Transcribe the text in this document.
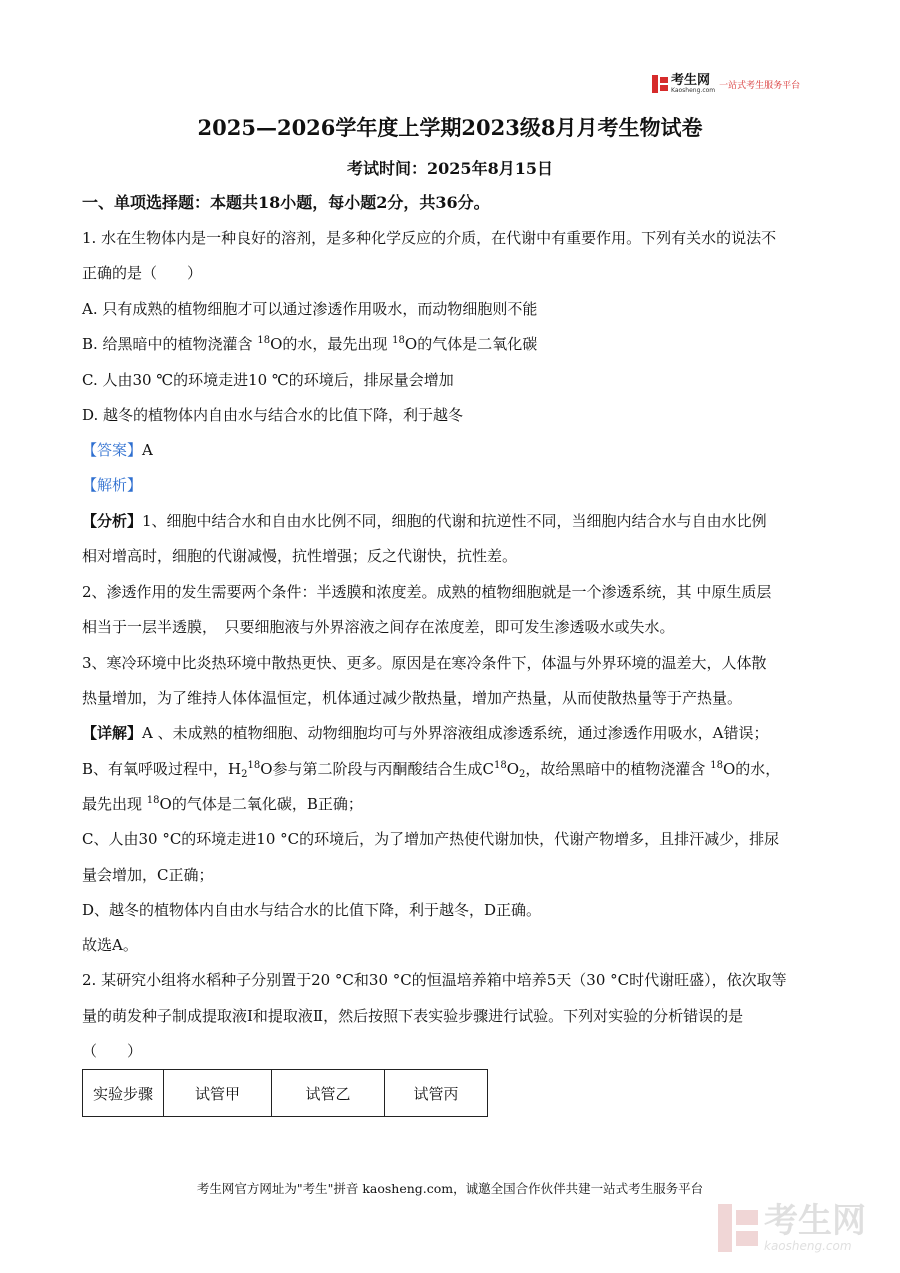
考生网
Kaosheng.com 一站式考生服务平台
2025—2026学年度上学期2023级8月月考生物试卷
考试时间：2025年8月15日
一、单项选择题：本题共18小题，每小题2分，共36分。
1. 水在生物体内是一种良好的溶剂，是多种化学反应的介质，在代谢中有重要作用。下列有关水的说法不
正确的是（　　）
A. 只有成熟的植物细胞才可以通过渗透作用吸水，而动物细胞则不能
B. 给黑暗中的植物浇灌含 $^{18}$O的水，最先出现 $^{18}$O的气体是二氧化碳
C. 人由30 ℃的环境走进10 ℃的环境后，排尿量会增加
D. 越冬的植物体内自由水与结合水的比值下降，利于越冬
【答案】A
【解析】
【分析】1、细胞中结合水和自由水比例不同，细胞的代谢和抗逆性不同，当细胞内结合水与自由水比例
相对增高时，细胞的代谢减慢，抗性增强；反之代谢快，抗性差。
2、渗透作用的发生需要两个条件：半透膜和浓度差。成熟的植物细胞就是一个渗透系统，其 中原生质层
相当于一层半透膜，　只要细胞液与外界溶液之间存在浓度差，即可发生渗透吸水或失水。
3、寒冷环境中比炎热环境中散热更快、更多。原因是在寒冷条件下，体温与外界环境的温差大，人体散
热量增加，为了维持人体体温恒定，机体通过减少散热量，增加产热量，从而使散热量等于产热量。
【详解】A 、未成熟的植物细胞、动物细胞均可与外界溶液组成渗透系统，通过渗透作用吸水，A错误；
B、有氧呼吸过程中，$H_2^{18}O$参与第二阶段与丙酮酸结合生成$C^{18}O_2$，故给黑暗中的植物浇灌含 $^{18}$O的水，
最先出现 $^{18}$O的气体是二氧化碳，B正确；
C、人由30 °C的环境走进10 °C的环境后，为了增加产热使代谢加快，代谢产物增多，且排汗减少，排尿
量会增加，C正确；
D、越冬的植物体内自由水与结合水的比值下降，利于越冬，D正确。
故选A。
2. 某研究小组将水稻种子分别置于20 °C和30 °C的恒温培养箱中培养5天（30 °C时代谢旺盛），依次取等
量的萌发种子制成提取液Ⅰ和提取液Ⅱ，然后按照下表实验步骤进行试验。下列对实验的分析错误的是
（　　）
实验步骤	试管甲	试管乙	试管丙
考生网官方网址为"考生"拼音 kaosheng.com，诚邀全国合作伙伴共建一站式考生服务平台
考生网
kaosheng.com
